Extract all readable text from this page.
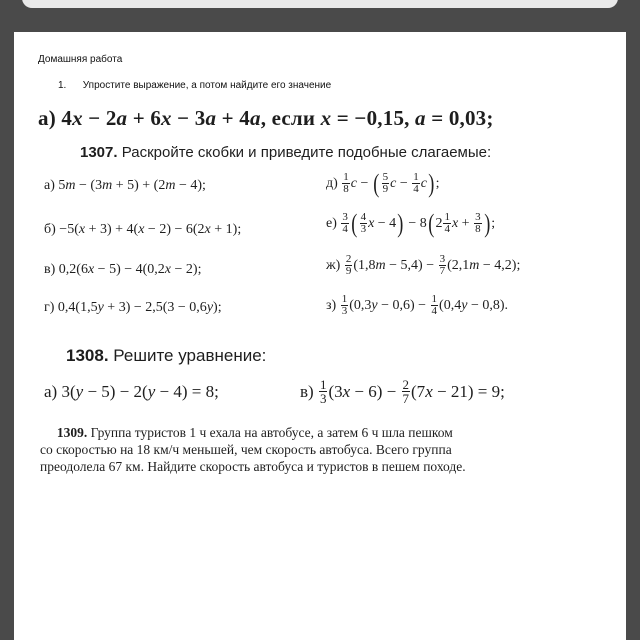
Домашняя работа
1. Упростите выражение, а потом найдите его значение
а) 4x − 2a + 6x − 3a + 4a, если x = −0,15, a = 0,03;
1307. Раскройте скобки и приведите подобные слагаемые:
а)
5m − (3m + 5) + (2m − 4);
б)
−5(x + 3) + 4(x − 2) − 6(2x + 1);
в)
0,2(6x − 5) − 4(0,2x − 2);
г)
0,4(1,5y + 3) − 2,5(3 − 0,6y);
д)
$\frac{1}{8}$ c − ( $\frac{5}{9}$ $c - \frac{1}{4}$ c ) ;
е)
$\frac{3}{4}$ ( $\frac{4}{3}$ x − 4 ) − 8 ( $2 \frac{1}{4}$ $x + \frac{3}{8}$ ) ;
ж)
$\frac{2}{9} (1,8$ $m - 5,4) - \frac{3}{7} (2,1$ m − 4,2);
з)
$\frac{1}{3} (0,3$ $y - 0,6) - \frac{1}{4} (0,4$ y − 0,8).
1308. Решите уравнение:
а)
3(y − 5) − 2(y − 4) = 8;	в)
$\frac{1}{3} (3$ $x - 6) - \frac{2}{7} (7$ x − 21) = 9;
1309. Группа туристов 1 ч ехала на автобусе, а затем 6 ч шла пешком
со скоростью на 18 км/ч меньшей, чем скорость автобуса. Всего группа
преодолела 67 км. Найдите скорость автобуса и туристов в пешем походе.
